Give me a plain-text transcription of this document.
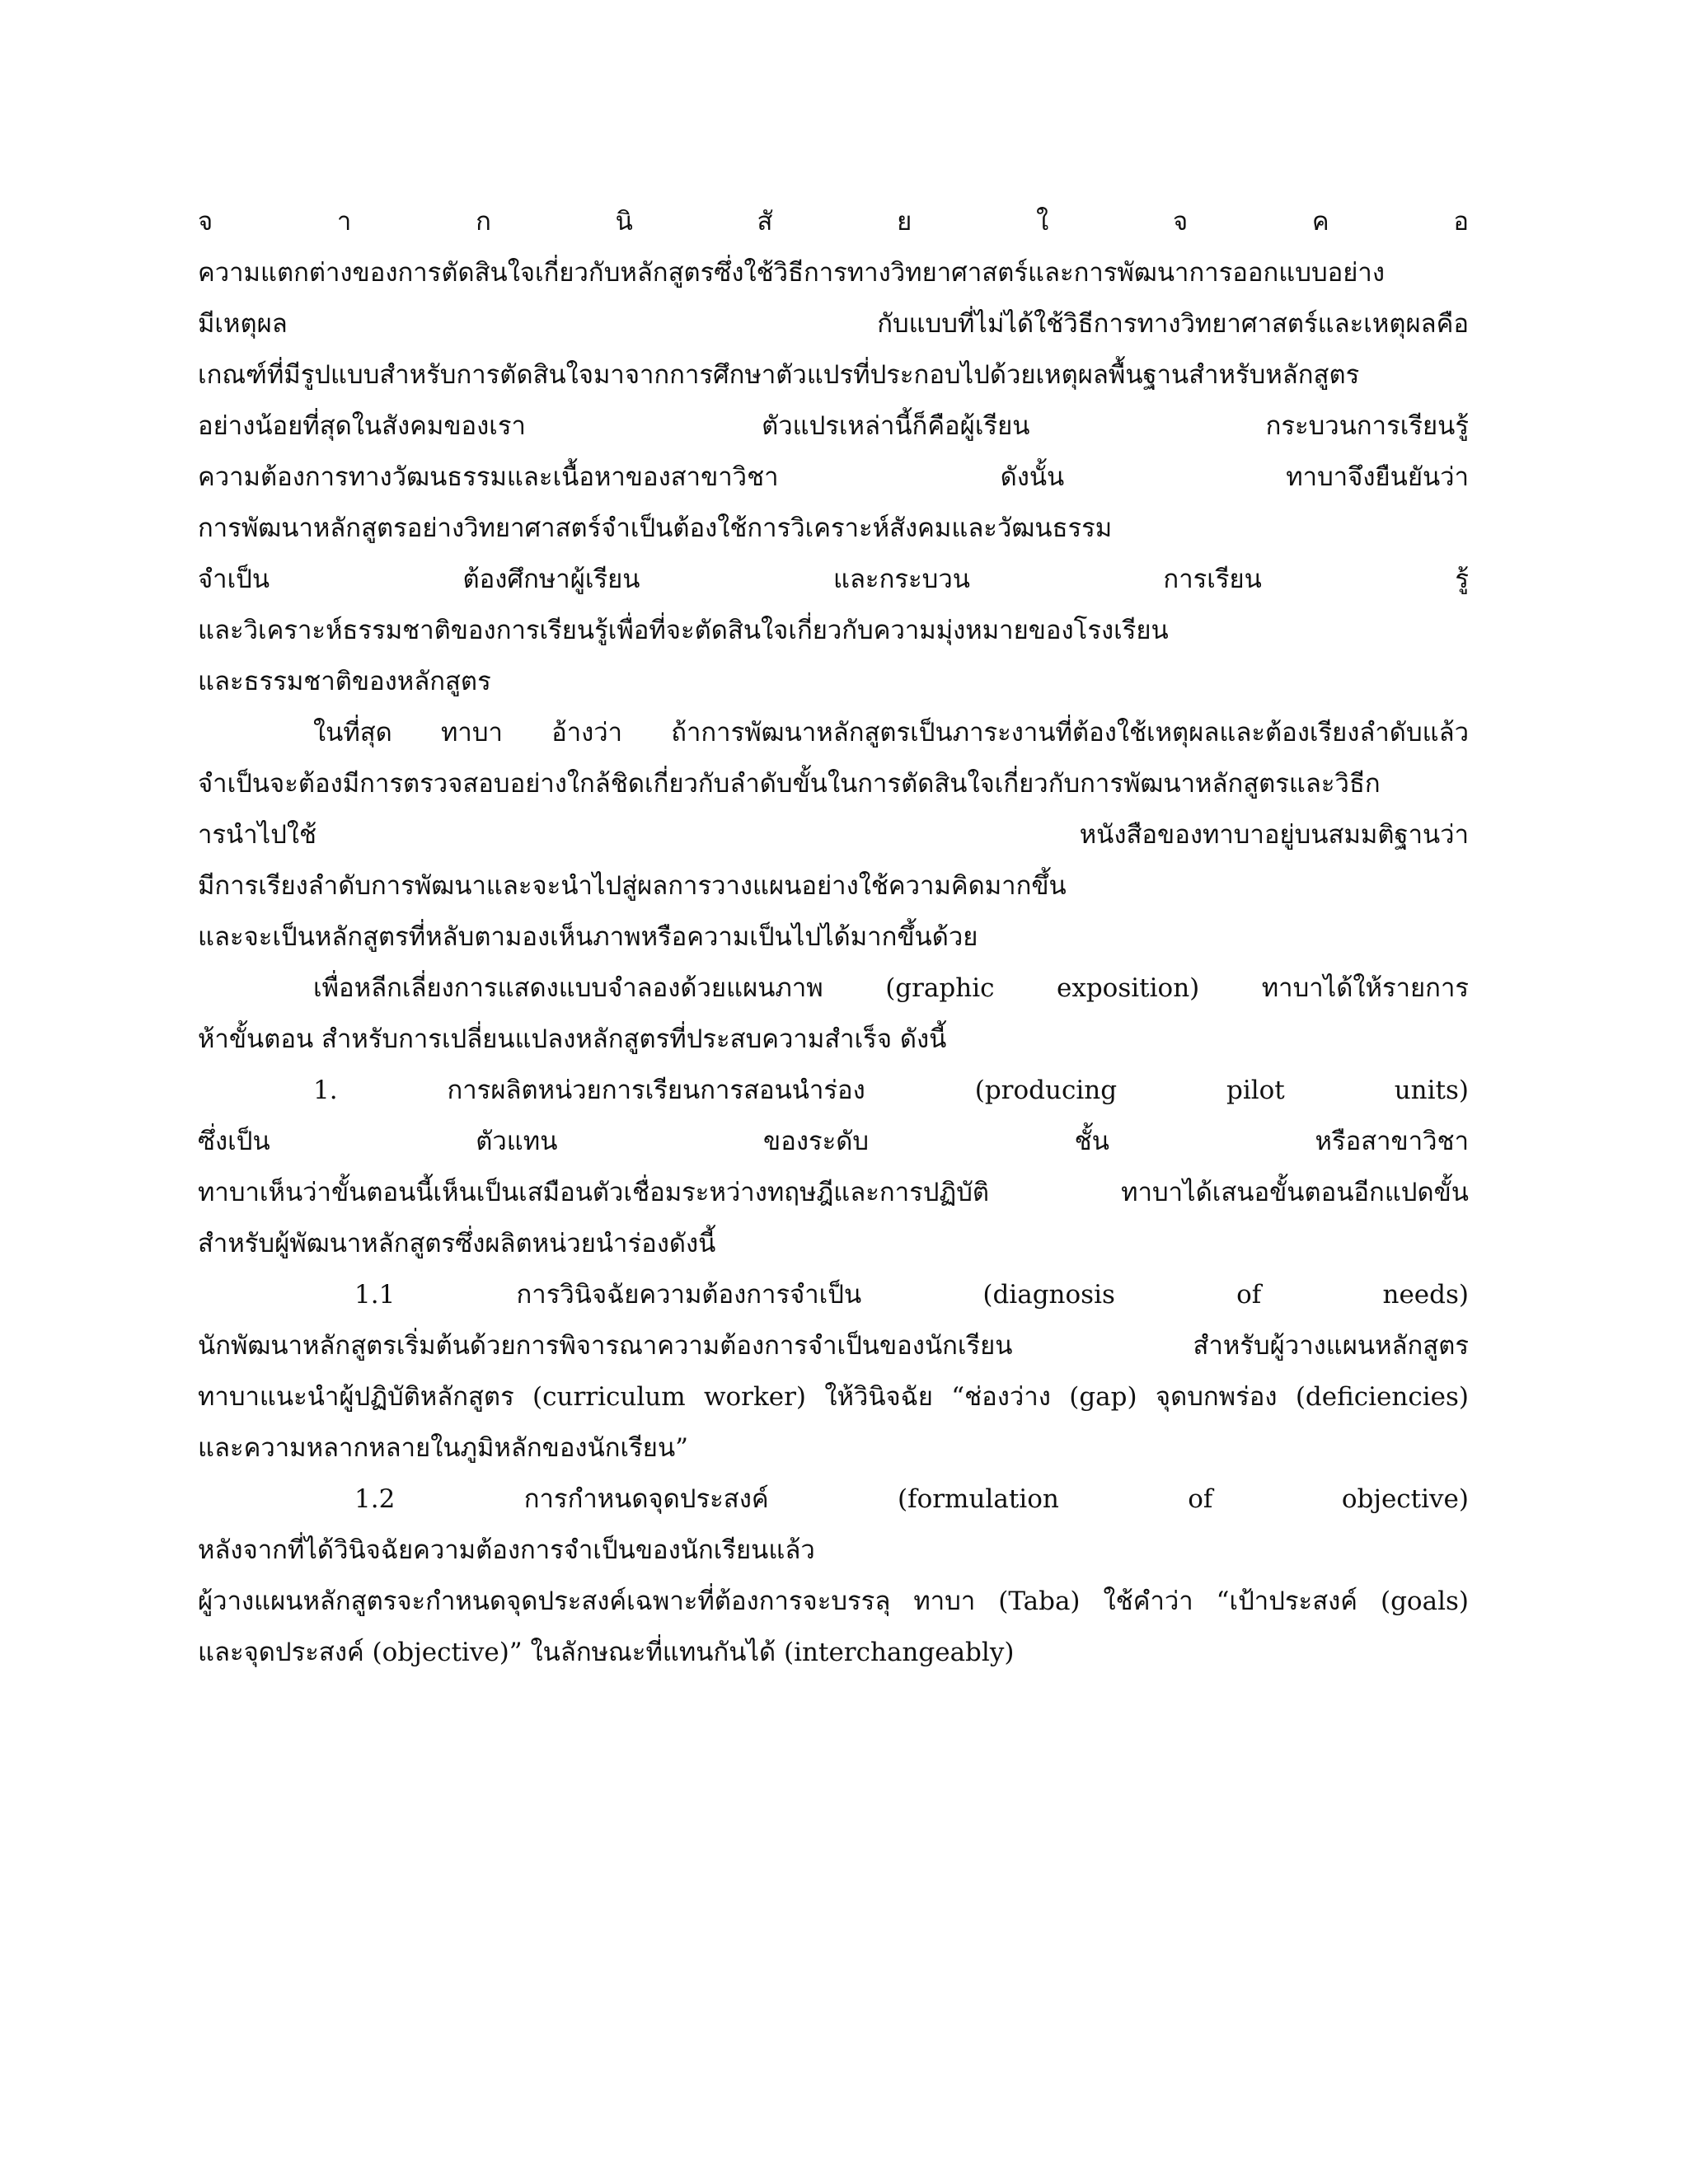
จ า ก นิ สั ย ใ จ ค อ
ความแตกต่างของการตัดสินใจเกี่ยวกับหลักสูตรซึ่งใช้วิธีการทางวิทยาศาสตร์และการพัฒนาการออกแบบอย่าง
มีเหตุผล กับแบบที่ไม่ได้ใช้วิธีการทางวิทยาศาสตร์และเหตุผลคือ
เกณฑ์ที่มีรูปแบบสำหรับการตัดสินใจมาจากการศึกษาตัวแปรที่ประกอบไปด้วยเหตุผลพื้นฐานสำหรับหลักสูตร
อย่างน้อยที่สุดในสังคมของเรา ตัวแปรเหล่านี้ก็คือผู้เรียน กระบวนการเรียนรู้
ความต้องการทางวัฒนธรรมและเนื้อหาของสาขาวิชา ดังนั้น ทาบาจึงยืนยันว่า
การพัฒนาหลักสูตรอย่างวิทยาศาสตร์จำเป็นต้องใช้การวิเคราะห์สังคมและวัฒนธรรม
จำเป็น ต้องศึกษาผู้เรียน และกระบวน การเรียน รู้
และวิเคราะห์ธรรมชาติของการเรียนรู้เพื่อที่จะตัดสินใจเกี่ยวกับความมุ่งหมายของโรงเรียน
และธรรมชาติของหลักสูตร
ในที่สุด ทาบา อ้างว่า ถ้าการพัฒนาหลักสูตรเป็นภาระงานที่ต้องใช้เหตุผลและต้องเรียงลำดับแล้ว
จำเป็นจะต้องมีการตรวจสอบอย่างใกล้ชิดเกี่ยวกับลำดับขั้นในการตัดสินใจเกี่ยวกับการพัฒนาหลักสูตรและวิธีก
ารนำไปใช้ หนังสือของทาบาอยู่บนสมมติฐานว่า
มีการเรียงลำดับการพัฒนาและจะนำไปสู่ผลการวางแผนอย่างใช้ความคิดมากขึ้น
และจะเป็นหลักสูตรที่หลับตามองเห็นภาพหรือความเป็นไปได้มากขึ้นด้วย
เพื่อหลีกเลี่ยงการแสดงแบบจำลองด้วยแผนภาพ (graphic exposition) ทาบาได้ให้รายการ
ห้าขั้นตอน สำหรับการเปลี่ยนแปลงหลักสูตรที่ประสบความสำเร็จ ดังนี้
1. การผลิตหน่วยการเรียนการสอนนำร่อง (producing pilot units)
ซึ่งเป็น ตัวแทน ของระดับ ชั้น หรือสาขาวิชา
ทาบาเห็นว่าขั้นตอนนี้เห็นเป็นเสมือนตัวเชื่อมระหว่างทฤษฎีและการปฏิบัติ ทาบาได้เสนอขั้นตอนอีกแปดขั้น
สำหรับผู้พัฒนาหลักสูตรซึ่งผลิตหน่วยนำร่องดังนี้
1.1 การวินิจฉัยความต้องการจำเป็น (diagnosis of needs)
นักพัฒนาหลักสูตรเริ่มต้นด้วยการพิจารณาความต้องการจำเป็นของนักเรียน สำหรับผู้วางแผนหลักสูตร
ทาบาแนะนำผู้ปฏิบัติหลักสูตร (curriculum worker) ให้วินิจฉัย “ช่องว่าง (gap) จุดบกพร่อง (deficiencies)
และความหลากหลายในภูมิหลักของนักเรียน”
1.2 การกำหนดจุดประสงค์ (formulation of objective)
หลังจากที่ได้วินิจฉัยความต้องการจำเป็นของนักเรียนแล้ว
ผู้วางแผนหลักสูตรจะกำหนดจุดประสงค์เฉพาะที่ต้องการจะบรรลุ ทาบา (Taba) ใช้คำว่า “เป้าประสงค์ (goals)
และจุดประสงค์ (objective)” ในลักษณะที่แทนกันได้ (interchangeably)
